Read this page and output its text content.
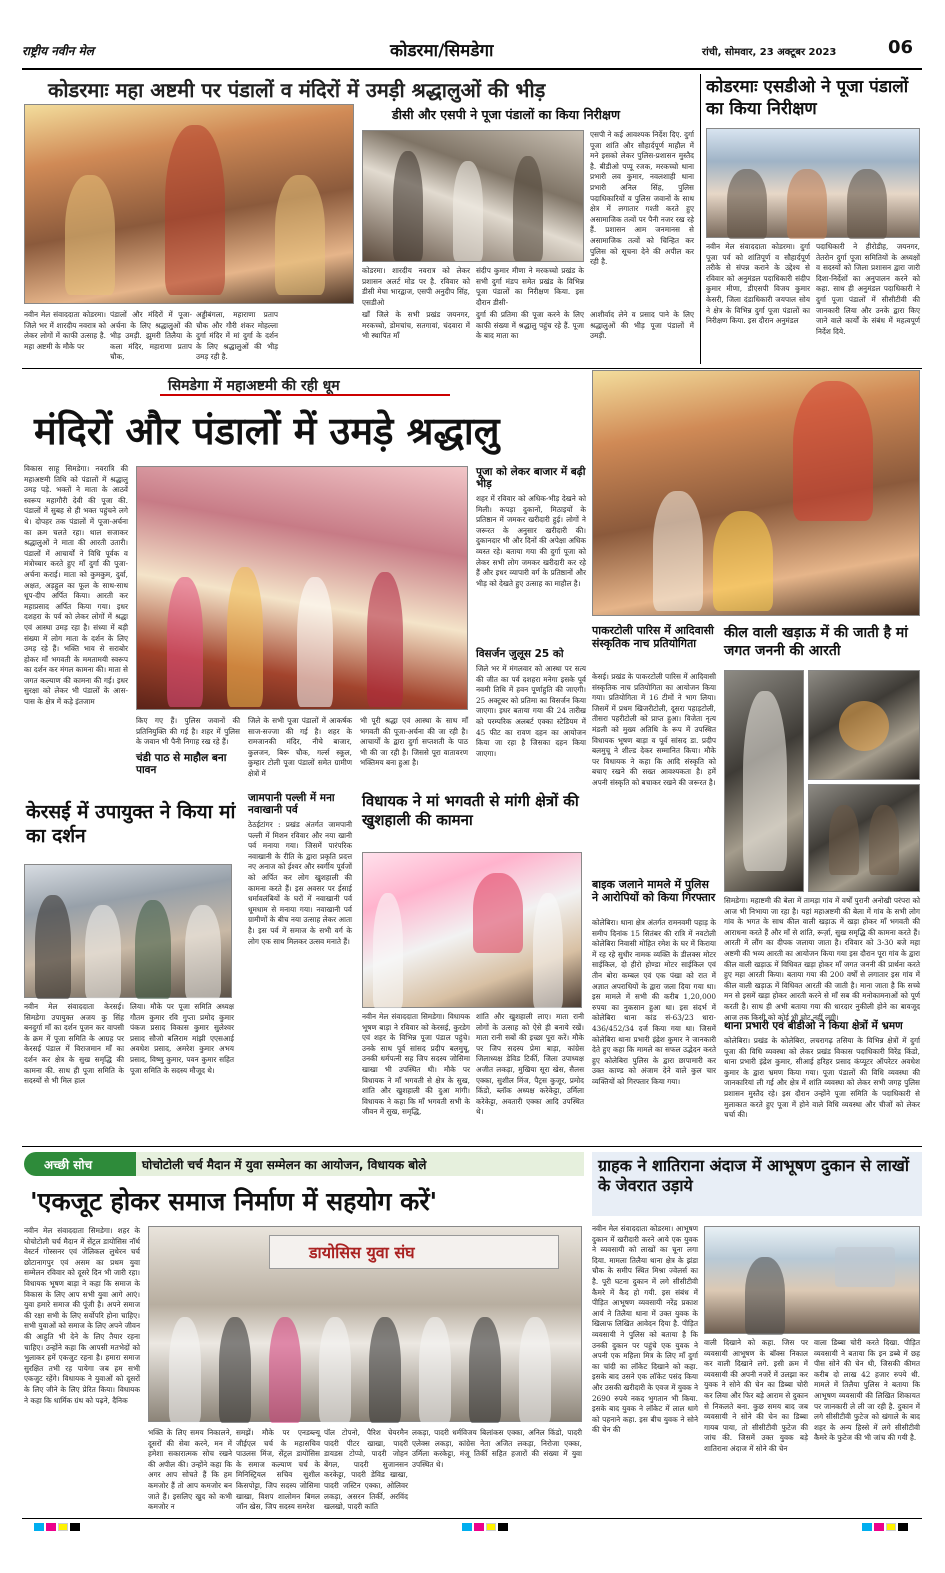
राष्ट्रीय नवीन मेल	कोडरमा/सिमडेगा	रांची, सोमवार, 23 अक्टूबर 2023	06
कोडरमाः महा अष्टमी पर पंडालों व मंदिरों में उमड़ी श्रद्धालुओं की भीड़
डीसी और एसपी ने पूजा पंडालों का किया निरीक्षण
नवीन मेल संवाददाता कोडरमा। जिले भर में शारदीय नवरात्र को लेकर लोगों में काफी उत्साह है. महा अष्टमी के मौके पर
पंडालों और मंदिरों में पूजा-अर्चना के लिए श्रद्धालुओं की भीड़ उमड़ी. झुमरी तिलैया के कला मंदिर, महाराणा प्रताप चौक,
अड्डीबंगला, महाराणा प्रताप चौक और गौरी शंकर मोहल्ला दुर्गा मंदिर में मां दुर्गा के दर्शन के लिए श्रद्धालुओं की भीड़ उमड़ रही है.
कोडरमा। शारदीय नवरात्र को लेकर प्रशासन अलर्ट मोड पर है. रविवार को डीसी मेघा भारद्वाज, एसपी अनुदीप सिंह, एसडीओ
संदीप कुमार मीणा ने मरकच्चो प्रखंड के सभी दुर्गा मंडप समेत प्रखंड के विभिन्न पूजा पंडालों का निरीक्षण किया. इस दौरान डीसी-
एसपी ने कई आवश्यक निर्देश दिए. दुर्गा पूजा शांति और सौहार्दपूर्ण माहौल में मने इसको लेकर पुलिस-प्रशासन मुस्तैद है. बीडीओ पप्पू रजक, मरकच्चो थाना प्रभारी लव कुमार, नवलशाही थाना प्रभारी अनिल सिंह, पुलिस पदाधिकारियों व पुलिस जवानों के साथ क्षेत्र में लगातार गश्ती करते हुए असामाजिक तत्वों पर पैनी नजर रख रहे हैं. प्रशासन आम जनमानस से असामाजिक तत्वों को चिन्हित कर पुलिस को सूचना देने की अपील कर रही है.
खाँ जिले के सभी प्रखंड जयनगर, मरकच्चो, डोमचांच, सतगावां, चंदवारा में भी स्थापित माँ
दुर्गा की प्रतिमा की पूजा करने के लिए काफी संख्या में श्रद्धालु पहुंच रहे हैं. पूजा के बाद माता का
आशीर्वाद लेने व प्रसाद पाने के लिए श्रद्धालुओं की भीड़ पूजा पंडालों में उमड़ी.
कोडरमाः एसडीओ ने पूजा पंडालों का किया निरीक्षण
नवीन मेल संवाददाता कोडरमा। दुर्गा पूजा पर्व को शांतिपूर्ण व सौहार्दपूर्ण तरीके से संपन्न कराने के उद्देश्य से रविवार को अनुमंडल पदाधिकारी संदीप कुमार मीणा, डीएसपी विजय कुमार केसरी, जिला दंडाधिकारी जयपाल सोय ने क्षेत्र के विभिन्न दुर्गा पूजा पंडालों का निरीक्षण किया. इस दौरान अनुमंडल
पदाधिकारी ने हीरोडीह, जयनगर, तेतरोन दुर्गा पूजा समितियों के अध्यक्षों व सदस्यों को जिला प्रशासन द्वारा जारी दिशा-निर्देशों का अनुपालन करने को कहा. साथ ही अनुमंडल पदाधिकारी ने दुर्गा पूजा पंडालों में सीसीटीवी की जानकारी लिया और उनके द्वारा किए जाने वाले कार्यों के संबंध में महत्वपूर्ण निर्देश दिये.
सिमडेगा में महाअष्टमी की रही धूम
मंदिरों और पंडालों में उमड़े श्रद्धालु
विकास साहू सिमडेगा। नवरात्रि की महाअष्टमी तिथि को पंडालों में श्रद्धालु उमड़ पड़े. भक्तों ने माता के आठवें स्वरूप महागौरी देवी की पूजा की. पंडालों में सुबह से ही भक्त पहुंचने लगे थे। दोपहर तक पंडालों में पूजा-अर्चना का क्रम चलते रहा। थाल सजाकर श्रद्धालुओं ने माता की आरती उतारी। पंडालों में आचार्यों ने विधि पूर्वक व मंत्रोच्चार करते हुए माँ दुर्गा की पूजा-अर्चना कराई। माता को कुमकुम, दुर्वा, अक्षत, अड़हुल का फूल के साथ-साथ धूप-दीप अर्पित किया। आरती कर महाप्रसाद अर्पित किया गया। इधर दशहरा के पर्व को लेकर लोगों में श्रद्धा एवं आस्था उमड़ रहा है। संध्या में बड़ी संख्या में लोग माता के दर्शन के लिए उमड़ रहे हैं। भक्ति भाव से सराबोर होकर माँ भगवती के ममतामयी स्वरूप का दर्शन कर मंगल कामना की। माता से जगत कल्याण की कामना की गई। इधर सुरक्षा को लेकर भी पंडालों के आस-पास के क्षेत्र में कड़े इंतजाम
किए गए हैं। पुलिस जवानों की प्रतिनियुक्ति की गई है। शहर में पुलिस के जवान भी पैनी निगाह रख रहे हैं।
चंडी पाठ से माहौल बना पावन
जिले के सभी पूजा पंडालों में आकर्षक साज-सज्जा की गई है। शहर के रामजानकी मंदिर, नीचे बाजार, कुलजन, बिरू चौक, गर्ल्स स्कूल, कुम्हार टोली पूजा पंडालों समेत ग्रामीण क्षेत्रों में
भी पूरी श्रद्धा एवं आस्था के साथ माँ भगवती की पूजा-अर्चना की जा रही है। आचार्यों के द्वारा दुर्गा सप्तशती के पाठ भी की जा रही है। जिससे पूरा वातावरण भक्तिमय बना हुआ है।
पूजा को लेकर बाजार में बढ़ी भीड़
शहर में रविवार को अधिक-भीड़ देखने को मिली। कपड़ा दुकानों, मिठाइयों के प्रतिष्ठान में जमकर खरीदारी हुई। लोगों ने जरूरत के अनुसार खरीदारी की। दुकानदार भी और दिनों की अपेक्षा अधिक व्यस्त रहे। बताया गया की दुर्गा पूजा को लेकर सभी लोग जमकर खरीदारी कर रहे हैं और इधर व्यापारी वर्ग के प्रतिष्ठानों और भीड़ को देखते हुए उत्साह का माहौल है।
विसर्जन जुलूस 25 को
जिले भर में मंगलवार को आस्था पर सत्य की जीत का पर्व दशहरा मनेगा इसके पूर्व नवमी तिथि में हवन पूर्णाहुति की जाएगी। 25 अक्टूबर को प्रतिमा का विसर्जन किया जाएगा। इधर बताया गया की 24 तारीख को परम्परिक अलबर्ट एक्का स्टेडियम में 45 फीट का रावण दहन का आयोजन किया जा रहा है जिसका दहन किया जाएगा।
पाकरटोली पारिस में आदिवासी संस्कृतिक नाच प्रतियोगिता
केसई। प्रखंड के पाकरटोली पारिस में आदिवासी संस्कृतिक नाच प्रतियोगिता का आयोजन किया गया। प्रतियोगिता में 16 टीमों ने भाग लिया। जिसमें में प्रथम खिजरीटोली, दूसरा पहाड़टोली, तीसरा पहरीटोली को प्राप्त हुआ। विजेता नृत्य मंडली को मुख्य अतिथि के रूप में उपस्थित विधायक भूषण बाड़ा व पूर्व सांसद डा. प्रदीप बलमुचू ने शील्ड देकर सम्मानित किया। मौके पर विधायक ने कहा कि आदि संस्कृति को बचाए रखने की सख्त आवश्यकता है। हमें अपनी संस्कृति को बचाकर रखने की जरूरत है।
कील वाली खड़ाऊ में की जाती है मां जगत जननी की आरती
सिमडेगा। महाष्टमी की बेला में तामड़ा गांव में वर्षों पुरानी अनोखी परंपरा को आज भी निभाया जा रहा है। यहां महाअष्टमी की बेला में गांव के सभी लोग गांव के भगत के साथ कील वाली खड़ाऊ में खड़ा होकर माँ भगवती की आराधना करते हैं और माँ से शांति, रूर्ज़ा, सुख समृद्धि की कामना करते हैं। आरती में लौंग का दीपक जलाया जाता है। रविवार को 3-30 बजे महा अष्टमी की भव्य आरती का आयोजन किया गया इस दौरान पूरा गांव के द्वारा कील वाली खड़ाऊ में विधिवत खड़ा होकर माँ जगत जननी की प्रार्थना करते हुए महा आरती किया। बताया गया की 200 वर्षों से लगातार इस गांव में कील वाली खड़ाऊ में विधिवत आरती की जाती है। माना जाता है कि सच्चे मन से इसमें खड़ा होकर आरती करने से माँ सब की मनोकामनाओं को पूर्ण करती है। साथ ही अभी बताया गया की धारदार नुकीली होने का बावजूद आज तक किसी को कोई भी चोट नहीं लगी।
थाना प्रभारी एवं बीडीओ ने किया क्षेत्रों में भ्रमण
कोलेबिरा। प्रखंड के कोलेबिरा, लचरागढ़ तसिया के विभिन्न क्षेत्रों में दुर्गा पूजा की विधि व्यवस्था को लेकर प्रखंड विकास पदाधिकारी विरेंद्र किंडो, थाना प्रभारी इंद्रेश कुमार, सीआई हरिहर प्रसाद कंप्यूटर ऑपरेटर अवधेश कुमार के द्वारा भ्रमण किया गया। पूजा पंडालों की विधि व्यवस्था की जानकारियां ली गई और क्षेत्र में शांति व्यवस्था को लेकर सभी जगह पुलिस प्रशासन मुस्तैद रहे। इस दौरान उन्होंने पूजा समिति के पदाधिकारी से मुलाकात करते हुए पूजा में होने वाले विधि व्यवस्था और चीजों को लेकर चर्चा की।
केरसई में उपायुक्त ने किया मां का दर्शन
नवीन मेल संवाददाता केरसई। सिमडेगा उपायुक्त अजय कु सिंह बनदुर्गा माँ का दर्शन पूजन कर वापसी के क्रम में पूजा समिति के आग्रह पर केरसई पंडाल में विराजमान माँ का दर्शन कर क्षेत्र के सुख समृद्धि की कामना की. साथ ही पूजा समिति के सदस्यों से भी मिल हाल
लिया। मौके पर पूजा समिति अध्यक्ष गौतम कुमार रवि गुप्ता प्रमोद कुमार पंकज प्रसाद विकास कुमार सुलेश्वर प्रसाद सौजो बलिराम मांझी एएसआई अवधेश प्रसाद, अमरेश कुमार अभय प्रसाद, विष्णु कुमार, पवन कुमार सहित पूजा समिति के सदस्य मौजूद थे।
जामपानी पल्ली में मना नवाखानी पर्व
ठेठईटांगर : प्रखंड अंतर्गत जामपानी पल्ली में मिशन रविवार और नया खानी पर्व मनाया गया। जिसमें पारंपरिक नवाखानी के रीति के द्वारा प्रकृति प्रदत्त नए अनाज को ईश्वर और स्वर्गीय पूर्वजों को अर्पित कर लोग खुशहाली की कामना करते हैं। इस अवसर पर ईसाई धर्मावलंबियों के घरों में नवाखानी पर्व धूमधाम से मनाया गया। नवाखानी पर्व ग्रामीणों के बीच नया उत्साह लेकर आता है। इस पर्व में समाज के सभी वर्ग के लोग एक साथ मिलकर उत्सव मनाते हैं।
विधायक ने मां भगवती से मांगी क्षेत्रों की खुशहाली की कामना
नवीन मेल संवाददाता सिमडेगा। विधायक भूषण बाड़ा ने रविवार को केरसई, कुरडेग एवं शहर के विभिन्न पूजा पंडाल पहुंचे। उनके साथ पूर्व सांसद प्रदीप बलमुचू, उनकी धर्मपत्नी सह जिप सदस्य जोसिमा खाखा भी उपस्थित थी। मौके पर विधायक ने माँ भगवती से क्षेत्र के सुख, शांति और खुशहाली की दुआ मांगी। विधायक ने कहा कि माँ भगवती सभी के जीवन में सुख, समृद्धि,
शांति और खुशहाली लाए। माता रानी लोगों के उत्साह को ऐसे ही बनाये रखें। माता रानी सबों की इच्छा पूरा करें। मौके पर जिप सदस्य प्रेमा बाड़ा, कांग्रेस जिलाध्यक्ष डेविड टिर्की, जिला उपाध्यक्ष अजीत लकड़ा, मुखिया सूरा खेस, सैलस एक्का, सुशील मिंज, पैट्रस कुजूर, प्रमोद किंडो, ब्लॉक अध्यक्ष करेकेट्टा, उर्मिला करेकेट्टा, अवतारी एक्का आदि उपस्थित थे।
बाइक जलाने मामले में पुलिस ने आरोपियों को किया गिरफ्तार
कोलेबिरा। थाना क्षेत्र अंतर्गत रामनवमी पहाड़ के समीप दिनांक 15 सितंबर की रात्रि में नवटोली कोलेबिरा निवासी मोहित रमेश के घर में किराया में रह रहे सुधीर नामक व्यक्ति के डीलक्स मोटर साईकिल, दो हीरो होण्डा मोटर साईकिल एवं तीन बोरा कम्बल एवं एक पंखा को रात में अज्ञात अपराधियों के द्वारा जला दिया गया था। इस मामले में सभी की करीब 1,20,000 रुपया का नुकसान हुआ था। इस संदर्भ में कोलेबिरा थाना कांड सं-63/23 धारा- 436/452/34 दर्ज किया गया था। जिसमें कोलेबिरा थाना प्रभारी इंद्रेश कुमार ने जानकारी देते हुए कहा कि मामले का सफल उद्भेदन करते हुए कोलेबिरा पुलिस के द्वारा छापामारी कर उक्त काण्ड को अंजाम देने वाले कुल चार व्यक्तियों को गिरफ्तार किया गया।
अच्छी सोच	घोचोटोली चर्च मैदान में युवा सम्मेलन का आयोजन, विधायक बोले
'एकजूट होकर समाज निर्माण में सहयोग करें'
नवीन मेल संवाददाता सिमडेगा। शहर के घोचोटोली चर्च मैदान में सेंट्रल डायोसिस नॉर्थ वेस्टर्न गोस्सनर एवं जेलिकल लुथेरन चर्च छोटानागपुर एवं असम का प्रथम युवा सम्मेलन रविवार को दूसरे दिन भी जारी रहा। विधायक भूषण बाड़ा ने कहा कि समाज के विकास के लिए आप सभी युवा आगे आएं। युवा हमारे समाज की पूंजी है। अपने समाज की रक्षा सभी के लिए सर्वोपरि होना चाहिए। सभी युवाओं को समाज के लिए अपने जीवन की आहुति भी देने के लिए तैयार रहना चाहिए। उन्होंने कहा कि आपसी मतभेदों को भुलाकर हमें एकजुट रहना है। हमारा समाज सुरक्षित तभी रह पायेगा जब हम सभी एकजुट रहेंगे। विधायक ने युवाओं को दूसरों के लिए जीने के लिए प्रेरित किया। विधायक ने कहा कि धार्मिक ग्रंथ को पढ़ने, दैनिक
डायोसिस युवा संघ
भक्ति के लिए समय निकालने, दूसरों की सेवा करने, मन में हमेशा सकारात्मक सोच रखने की अपील की। उन्होंने कहा कि अगर आप सोचते हैं कि हम कमजोर हैं तो आप कमजोर बन जाते हैं। इसलिए खुद को कभी कमजोर न
समझें। मौके पर एनडब्ल्यू जीईएल चर्च के महासचिव पाउलस मिंज, सेंट्रल डायोसिस के समाज कल्याण चर्च के मिनिस्ट्रियल सचिव सुशील किसपोट्टा, जिप सदस्य जोसिमा खाखा, विशप शालोमन बिमल जॉन खेस, जिप सदस्य समरेश
पॉल टोपनो, पैरिश चेयरमैन पादरी पीटर खाखा, पादरी डायडस टोप्पो, पादरी जोहन बेंगल, पादरी सुजानसन करकेट्टा, पादरी डेविड खाखा, पादरी जस्टिन एक्का, ओलिवर लकड़ा, असरन तिर्की, अरविंद खलखो, पादरी कांति
लकड़ा, पादरी धर्मविजय बिलांकस एक्का, अनिल किंडो, पादरी एलेक्स लकड़ा, कांग्रेस नेता अजित लकड़ा, निरोजा एक्का, उर्मिला करकेट्टा, मंजू तिर्की सहित हजारों की संख्या में युवा उपस्थित थे।
ग्राहक ने शातिराना अंदाज में आभूषण दुकान से लाखों के जेवरात उड़ाये
नवीन मेल संवाददाता कोडरमा। आभूषण दुकान में खरीदारी करने आये एक युवक ने व्यवसायी को लाखों का चूना लगा दिया. मामला तिलैया थाना क्षेत्र के झंडा चौक के समीप स्थित मिश्रा ज्वेलर्स का है. पूरी घटना दुकान में लगे सीसीटीवी कैमरे में कैद हो गयी. इस संबंध में पीड़ित आभूषण व्यवसायी नरेंद्र प्रकाश आर्य ने तिलैया थाना में उक्त युवक के खिलाफ लिखित आवेदन दिया है. पीड़ित व्यवसायी ने पुलिस को बताया है कि उनकी दुकान पर पहुंचे एक युवक ने अपनी एक महिला मित्र के लिए माँ दुर्गा का चांदी का लॉकेट दिखाने को कहा. इसके बाद उसने एक लॉकेट पसंद किया और उसकी खरीदारी के एवज में युवक ने 2690 रुपये नकद भुगतान भी किया. इसके बाद युवक ने लॉकेट में लाल धागे को पहनाने कहा. इस बीच युवक ने सोने की चेन की
वाली दिखाने को कहा. जिस पर व्यवसायी आभूषण के बॉक्स निकाल कर वाली दिखाने लगे. इसी क्रम में व्यवसायी की अपनी नजरें में उलझा कर युवक ने सोने की चेन का डिब्बा चोरी कर लिया और फिर बड़े आराम से दुकान से निकलते बना. कुछ समय बाद जब व्यवसायी ने सोने की चेन का डिब्बा गायब पाया, तो सीसीटीवी फुटेज की जांच की. जिसमें उक्त युवक बड़े शातिराना अंदाज में सोने की चेन
वाला डिब्बा चोरी करते दिखा. पीड़ित व्यवसायी ने बताया कि इन डब्बे में छह पीस सोने की चेन थी, जिसकी कीमत करीब दो लाख 42 हजार रुपये थी. मामले में तिलैया पुलिस ने बताया कि आभूषण व्यवसायी की लिखित शिकायत पर जानकारी ले ली जा रही है. दुकान में लगे सीसीटीवी फुटेज को खंगाले के बाद शहर के अन्य हिस्से में लगे सीसीटीवी कैमरे के फुटेज की भी जांच की गयी है.
